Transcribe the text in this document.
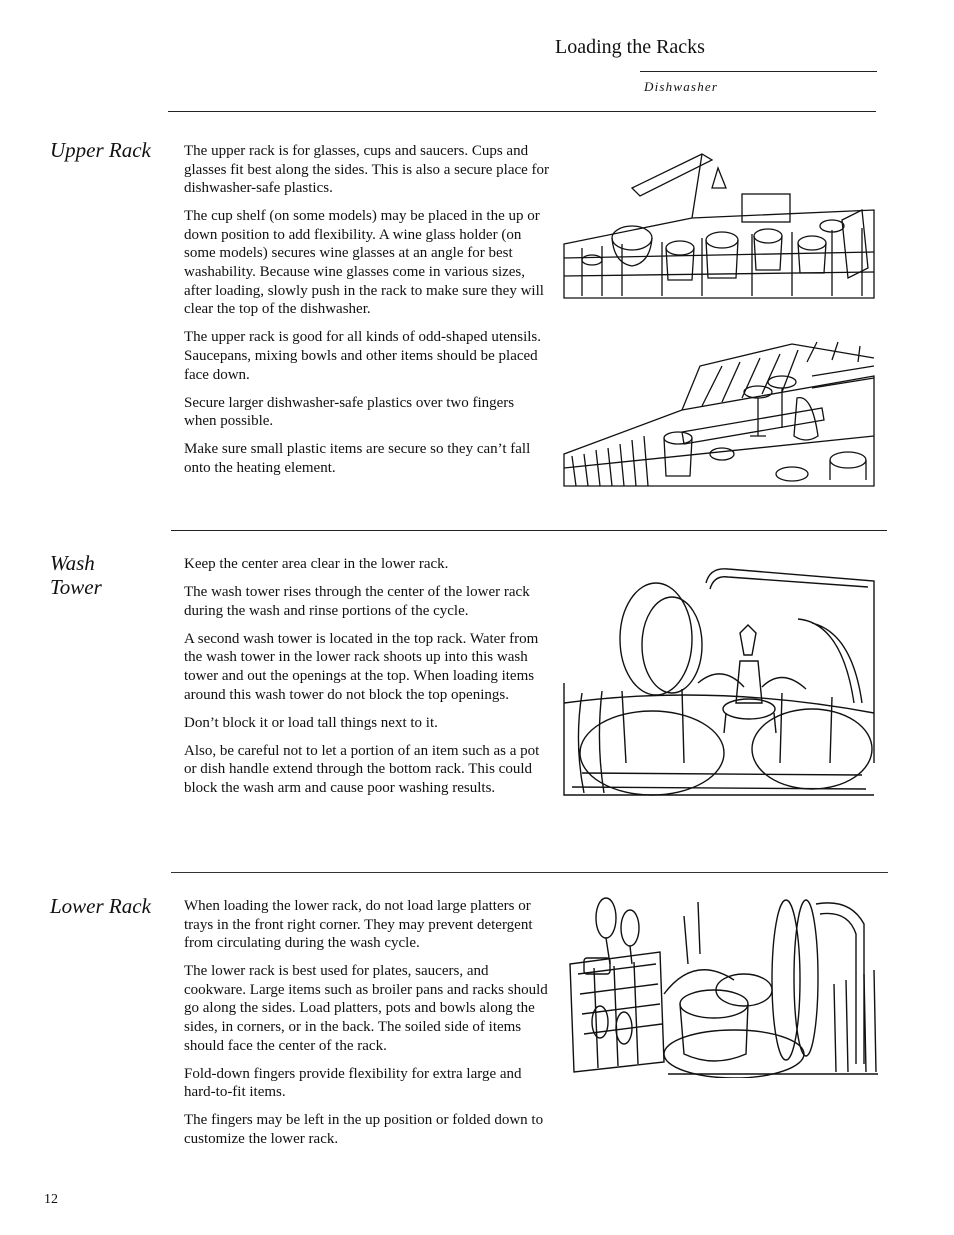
Loading the Racks
Dishwasher
Upper Rack	The upper rack is for glasses, cups and saucers. Cups and glasses fit best along the sides. This is also a secure place for dishwasher-safe plastics.

The cup shelf (on some models) may be placed in the up or down position to add flexibility. A wine glass holder (on some models) secures wine glasses at an angle for best washability. Because wine glasses come in various sizes, after loading, slowly push in the rack to make sure they will clear the top of the dishwasher.

The upper rack is good for all kinds of odd-shaped utensils. Saucepans, mixing bowls and other items should be placed face down.

Secure larger dishwasher-safe plastics over two fingers when possible.

Make sure small plastic items are secure so they can’t fall onto the heating element.

Wash
Tower

Keep the center area clear in the lower rack.

The wash tower rises through the center of the lower rack during the wash and rinse portions of the cycle.

A second wash tower is located in the top rack. Water from the wash tower in the lower rack shoots up into this wash tower and out the openings at the top. When loading items around this wash tower do not block the top openings.

Don’t block it or load tall things next to it.

Also, be careful not to let a portion of an item such as a pot or dish handle extend through the bottom rack. This could block the wash arm and cause poor washing results.

Lower Rack	When loading the lower rack, do not load large platters or trays in the front right corner. They may prevent detergent from circulating during the wash cycle.

The lower rack is best used for plates, saucers, and cookware. Large items such as broiler pans and racks should go along the sides. Load platters, pots and bowls along the sides, in corners, or in the back. The soiled side of items should face the center of the rack.

Fold-down fingers provide flexibility for extra large and hard-to-fit items.

The fingers may be left in the up position or folded down to customize the lower rack.

12
